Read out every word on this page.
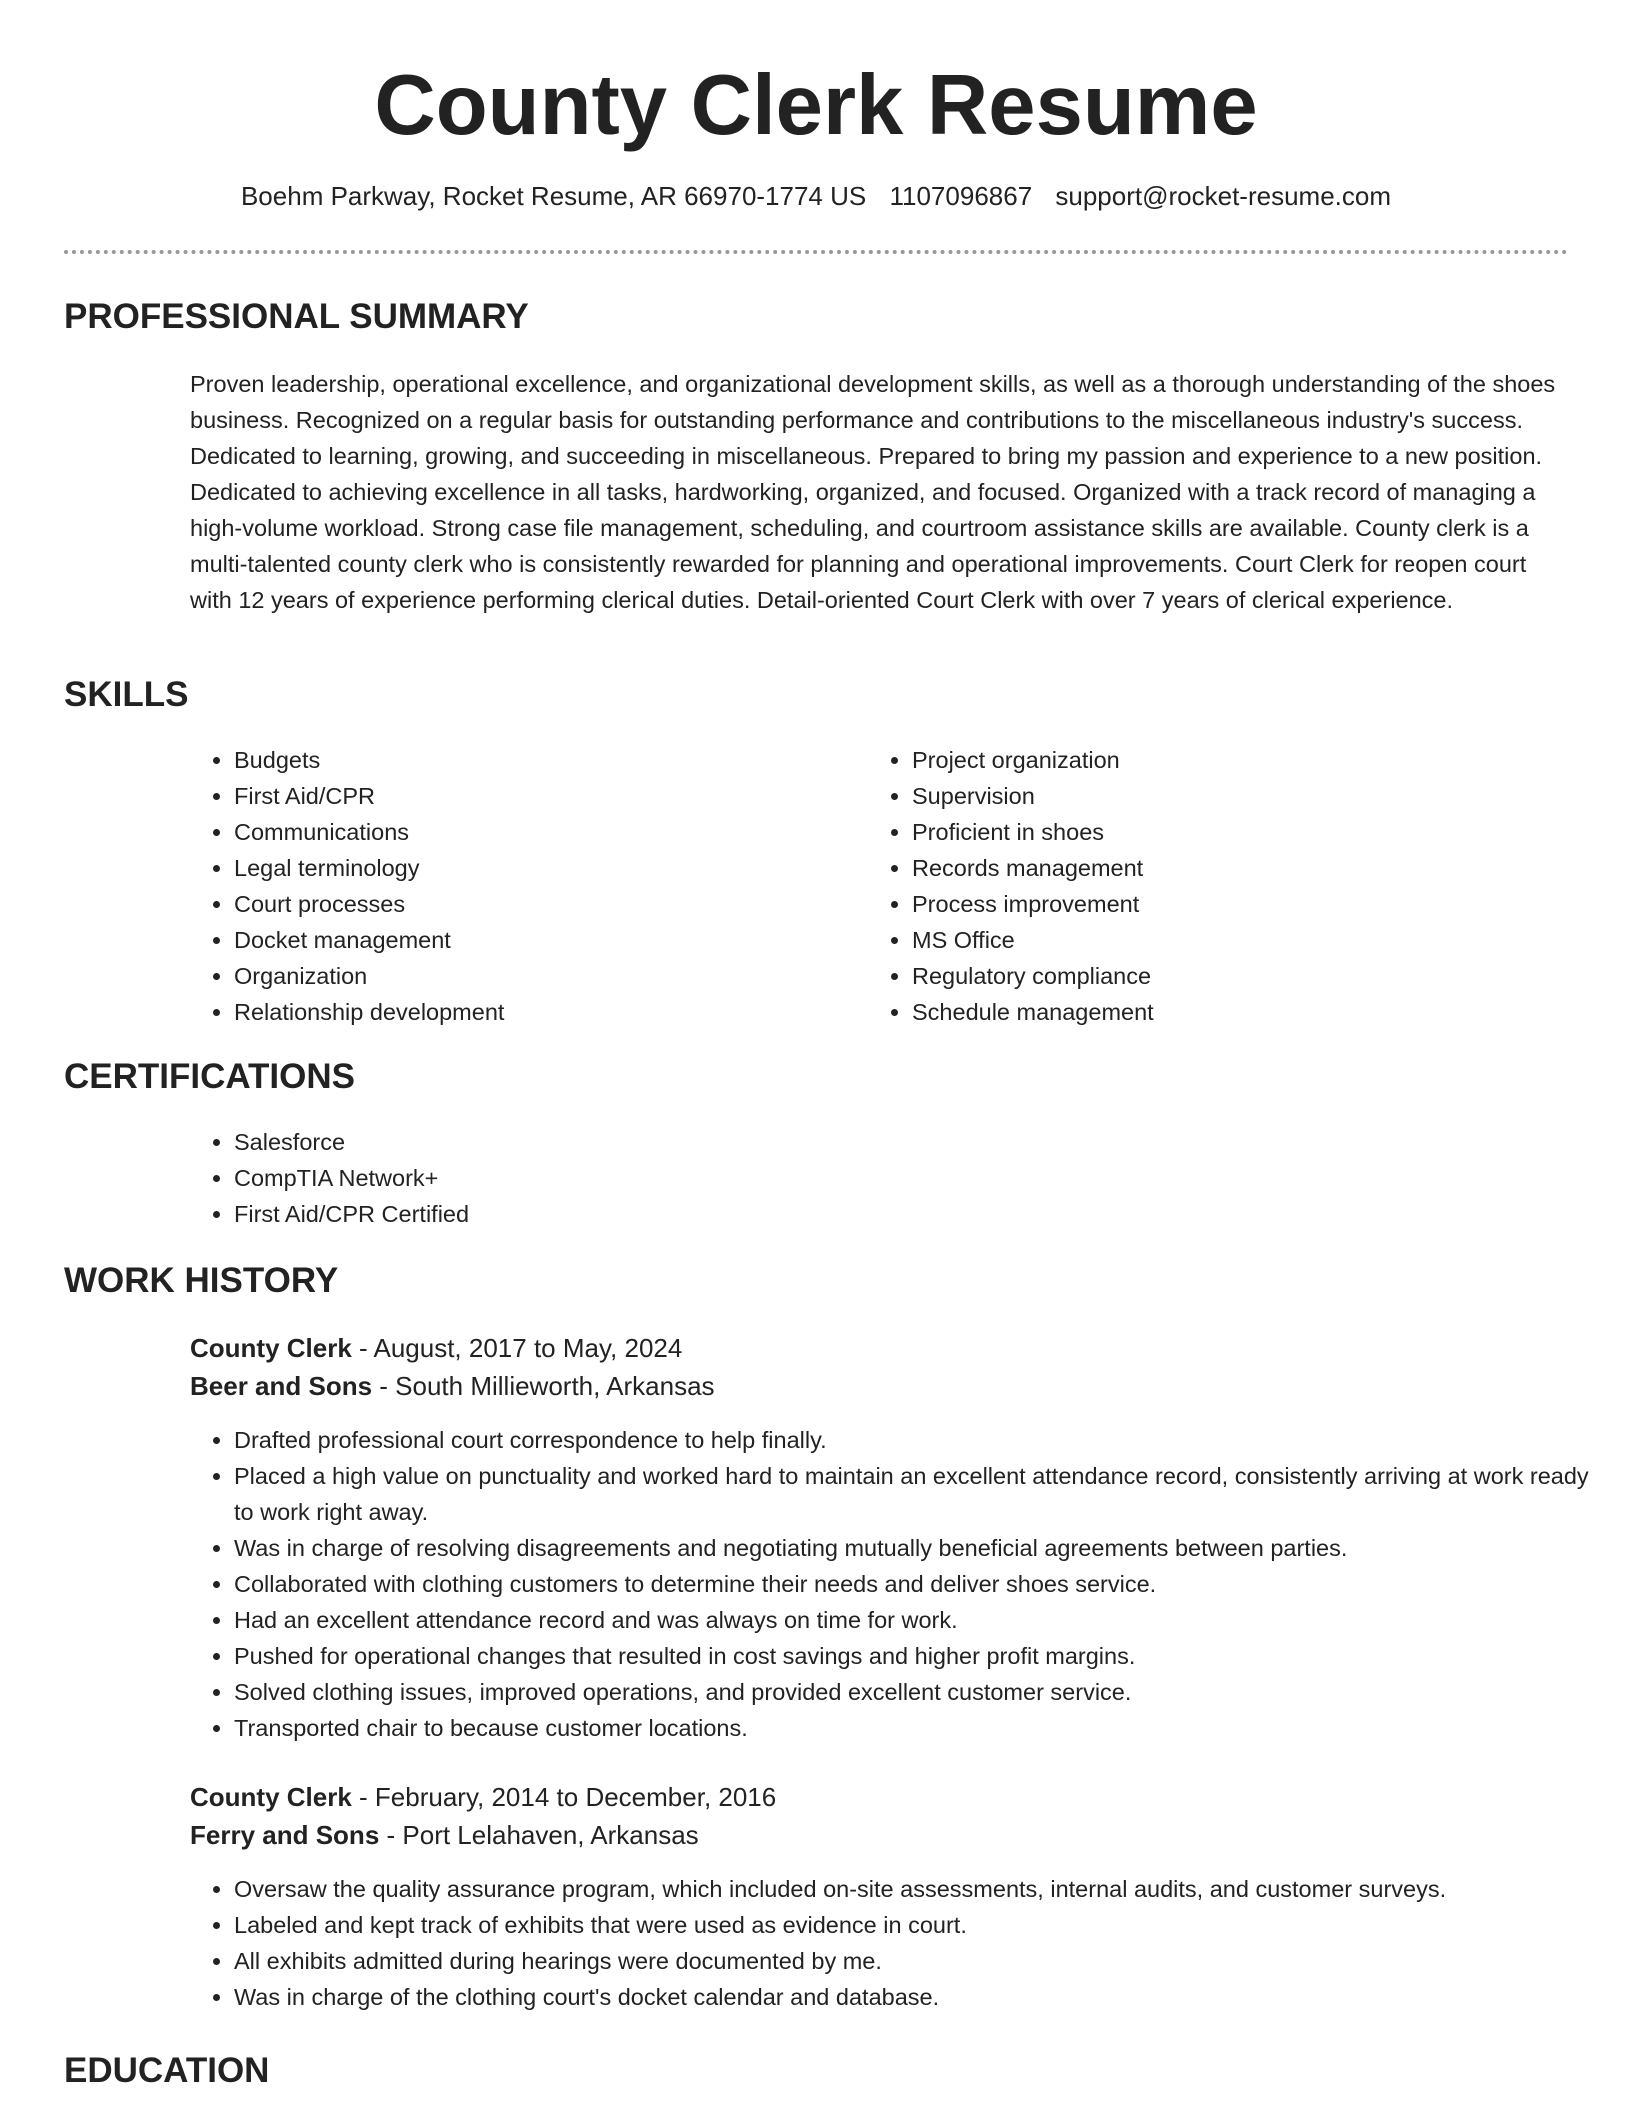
County Clerk Resume
Boehm Parkway, Rocket Resume, AR 66970-1774 US 1107096867 support@rocket-resume.com
PROFESSIONAL SUMMARY

Proven leadership, operational excellence, and organizational development skills, as well as a thorough understanding of the shoes business. Recognized on a regular basis for outstanding performance and contributions to the miscellaneous industry's success. Dedicated to learning, growing, and succeeding in miscellaneous. Prepared to bring my passion and experience to a new position. Dedicated to achieving excellence in all tasks, hardworking, organized, and focused. Organized with a track record of managing a high-volume workload. Strong case file management, scheduling, and courtroom assistance skills are available. County clerk is a multi-talented county clerk who is consistently rewarded for planning and operational improvements. Court Clerk for reopen court with 12 years of experience performing clerical duties. Detail-oriented Court Clerk with over 7 years of clerical experience.

SKILLS
• Budgets
• First Aid/CPR
• Communications
• Legal terminology
• Court processes
• Docket management
• Organization
• Relationship development
• Project organization
• Supervision
• Proficient in shoes
• Records management
• Process improvement
• MS Office
• Regulatory compliance
• Schedule management
CERTIFICATIONS
• Salesforce
• CompTIA Network+
• First Aid/CPR Certified
WORK HISTORY
County Clerk - August, 2017 to May, 2024
Beer and Sons - South Millieworth, Arkansas
• Drafted professional court correspondence to help finally.
• Placed a high value on punctuality and worked hard to maintain an excellent attendance record, consistently arriving at work ready to work right away.
• Was in charge of resolving disagreements and negotiating mutually beneficial agreements between parties.
• Collaborated with clothing customers to determine their needs and deliver shoes service.
• Had an excellent attendance record and was always on time for work.
• Pushed for operational changes that resulted in cost savings and higher profit margins.
• Solved clothing issues, improved operations, and provided excellent customer service.
• Transported chair to because customer locations.
County Clerk - February, 2014 to December, 2016
Ferry and Sons - Port Lelahaven, Arkansas
• Oversaw the quality assurance program, which included on-site assessments, internal audits, and customer surveys.
• Labeled and kept track of exhibits that were used as evidence in court.
• All exhibits admitted during hearings were documented by me.
• Was in charge of the clothing court's docket calendar and database.
EDUCATION
